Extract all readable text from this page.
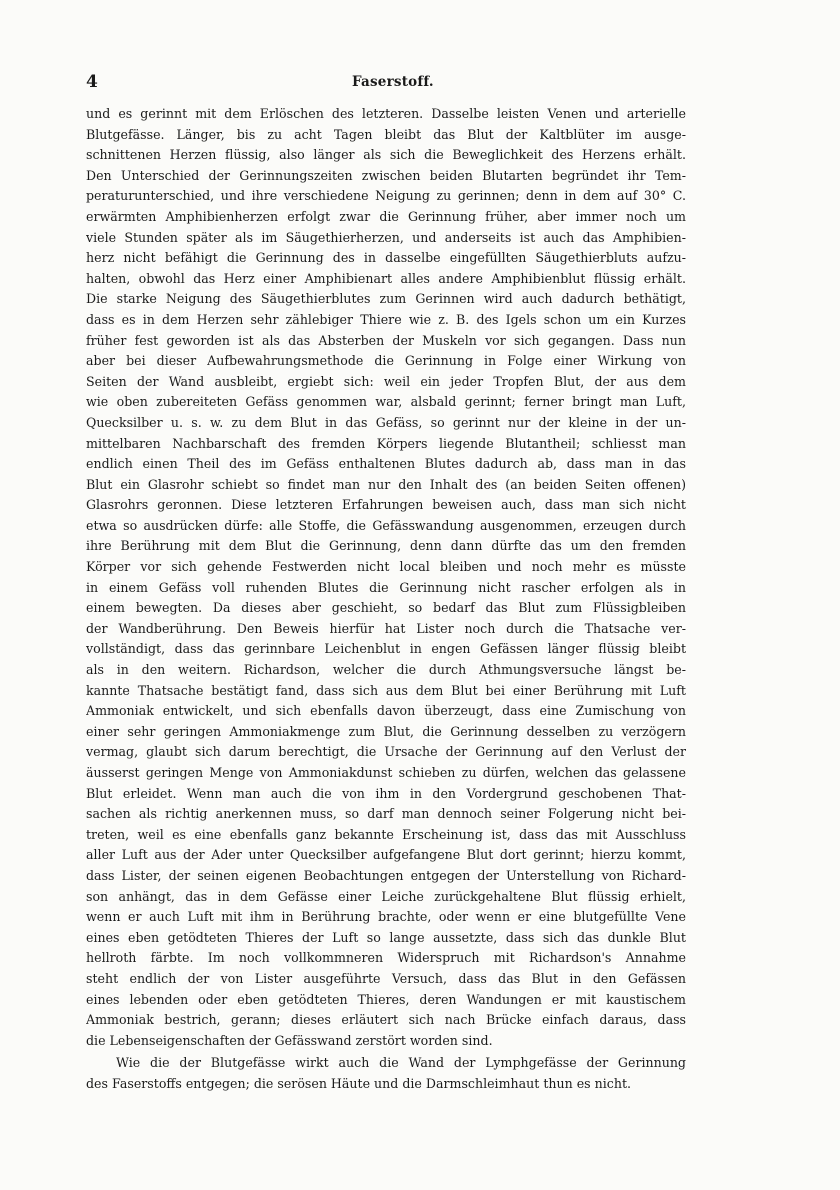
4	Faserstoff.
und es gerinnt mit dem Erlöschen des letzteren. Dasselbe leisten Venen und arterielle
Blutgefässe. Länger, bis zu acht Tagen bleibt das Blut der Kaltblüter im ausge-
schnittenen Herzen flüssig, also länger als sich die Beweglichkeit des Herzens erhält.
Den Unterschied der Gerinnungszeiten zwischen beiden Blutarten begründet ihr Tem-
peraturunterschied, und ihre verschiedene Neigung zu gerinnen; denn in dem auf 30° C.
erwärmten Amphibienherzen erfolgt zwar die Gerinnung früher, aber immer noch um
viele Stunden später als im Säugethierherzen, und anderseits ist auch das Amphibien-
herz nicht befähigt die Gerinnung des in dasselbe eingefüllten Säugethierbluts aufzu-
halten, obwohl das Herz einer Amphibienart alles andere Amphibienblut flüssig erhält.
Die starke Neigung des Säugethierblutes zum Gerinnen wird auch dadurch bethätigt,
dass es in dem Herzen sehr zählebiger Thiere wie z. B. des Igels schon um ein Kurzes
früher fest geworden ist als das Absterben der Muskeln vor sich gegangen. Dass nun
aber bei dieser Aufbewahrungsmethode die Gerinnung in Folge einer Wirkung von
Seiten der Wand ausbleibt, ergiebt sich: weil ein jeder Tropfen Blut, der aus dem
wie oben zubereiteten Gefäss genommen war, alsbald gerinnt; ferner bringt man Luft,
Quecksilber u. s. w. zu dem Blut in das Gefäss, so gerinnt nur der kleine in der un-
mittelbaren Nachbarschaft des fremden Körpers liegende Blutantheil; schliesst man
endlich einen Theil des im Gefäss enthaltenen Blutes dadurch ab, dass man in das
Blut ein Glasrohr schiebt so findet man nur den Inhalt des (an beiden Seiten offenen)
Glasrohrs geronnen. Diese letzteren Erfahrungen beweisen auch, dass man sich nicht
etwa so ausdrücken dürfe: alle Stoffe, die Gefässwandung ausgenommen, erzeugen durch
ihre Berührung mit dem Blut die Gerinnung, denn dann dürfte das um den fremden
Körper vor sich gehende Festwerden nicht local bleiben und noch mehr es müsste
in einem Gefäss voll ruhenden Blutes die Gerinnung nicht rascher erfolgen als in
einem bewegten. Da dieses aber geschieht, so bedarf das Blut zum Flüssigbleiben
der Wandberührung. Den Beweis hierfür hat Lister noch durch die Thatsache ver-
vollständigt, dass das gerinnbare Leichenblut in engen Gefässen länger flüssig bleibt
als in den weitern. Richardson, welcher die durch Athmungsversuche längst be-
kannte Thatsache bestätigt fand, dass sich aus dem Blut bei einer Berührung mit Luft
Ammoniak entwickelt, und sich ebenfalls davon überzeugt, dass eine Zumischung von
einer sehr geringen Ammoniakmenge zum Blut, die Gerinnung desselben zu verzögern
vermag, glaubt sich darum berechtigt, die Ursache der Gerinnung auf den Verlust der
äusserst geringen Menge von Ammoniakdunst schieben zu dürfen, welchen das gelassene
Blut erleidet. Wenn man auch die von ihm in den Vordergrund geschobenen That-
sachen als richtig anerkennen muss, so darf man dennoch seiner Folgerung nicht bei-
treten, weil es eine ebenfalls ganz bekannte Erscheinung ist, dass das mit Ausschluss
aller Luft aus der Ader unter Quecksilber aufgefangene Blut dort gerinnt; hierzu kommt,
dass Lister, der seinen eigenen Beobachtungen entgegen der Unterstellung von Richard-
son anhängt, das in dem Gefässe einer Leiche zurückgehaltene Blut flüssig erhielt,
wenn er auch Luft mit ihm in Berührung brachte, oder wenn er eine blutgefüllte Vene
eines eben getödteten Thieres der Luft so lange aussetzte, dass sich das dunkle Blut
hellroth färbte. Im noch vollkommneren Widerspruch mit Richardson's Annahme
steht endlich der von Lister ausgeführte Versuch, dass das Blut in den Gefässen
eines lebenden oder eben getödteten Thieres, deren Wandungen er mit kaustischem
Ammoniak bestrich, gerann; dieses erläutert sich nach Brücke einfach daraus, dass
die Lebenseigenschaften der Gefässwand zerstört worden sind.
Wie die der Blutgefässe wirkt auch die Wand der Lymphgefässe der Gerinnung
des Faserstoffs entgegen; die serösen Häute und die Darmschleimhaut thun es nicht.
